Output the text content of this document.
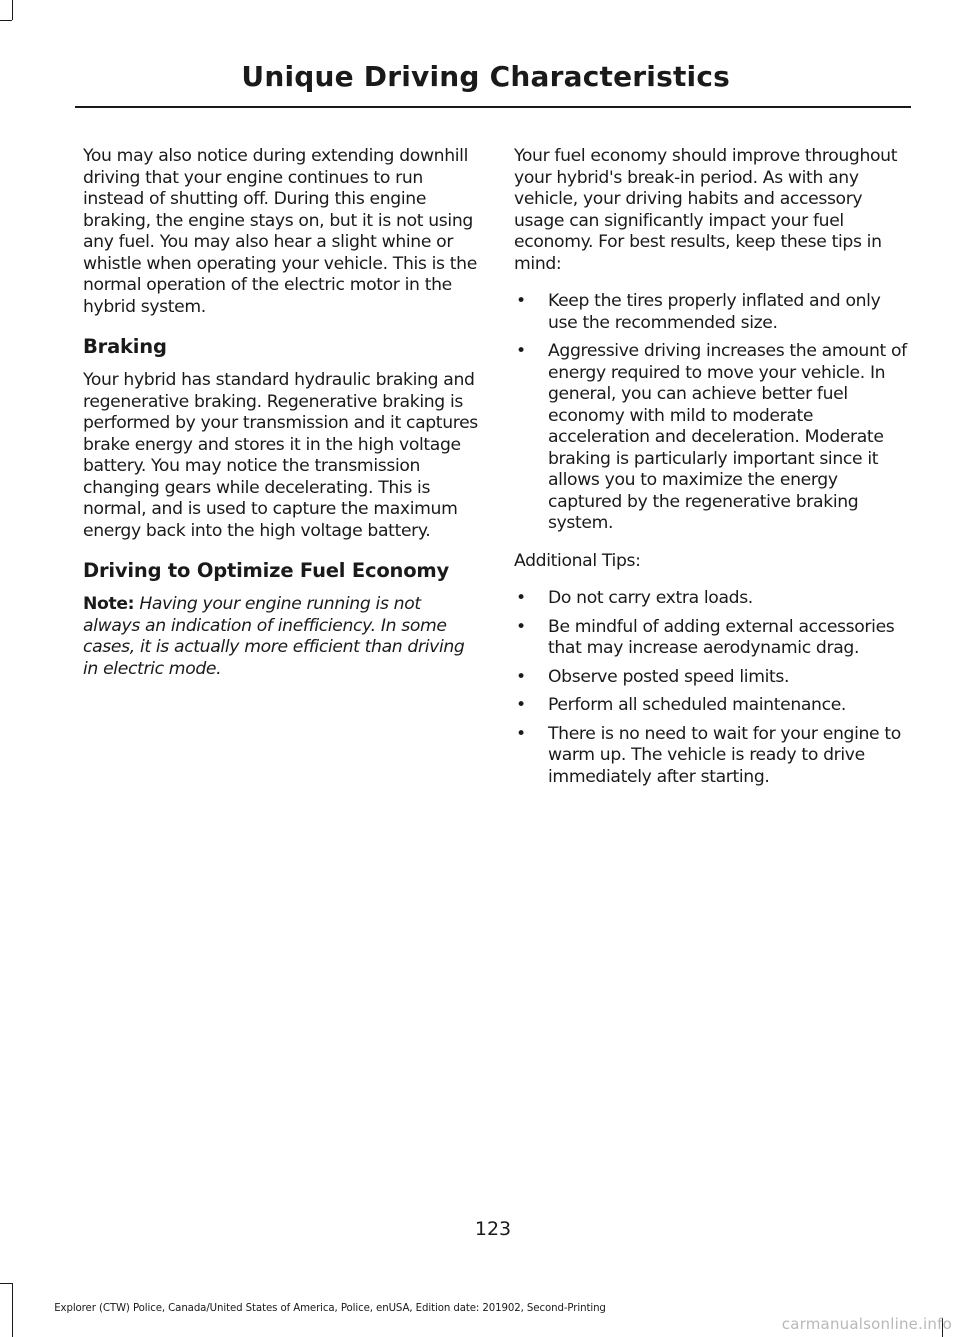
Unique Driving Characteristics

You may also notice during extending downhill driving that your engine continues to run instead of shutting off. During this engine braking, the engine stays on, but it is not using any fuel. You may also hear a slight whine or whistle when operating your vehicle. This is the normal operation of the electric motor in the hybrid system.

Braking

Your hybrid has standard hydraulic braking and regenerative braking. Regenerative braking is performed by your transmission and it captures brake energy and stores it in the high voltage battery. You may notice the transmission changing gears while decelerating. This is normal, and is used to capture the maximum energy back into the high voltage battery.

Driving to Optimize Fuel Economy

Note: Having your engine running is not always an indication of inefficiency. In some cases, it is actually more efficient than driving in electric mode.

Your fuel economy should improve throughout your hybrid's break-in period. As with any vehicle, your driving habits and accessory usage can significantly impact your fuel economy. For best results, keep these tips in mind:

• Keep the tires properly inflated and only use the recommended size.
• Aggressive driving increases the amount of energy required to move your vehicle. In general, you can achieve better fuel economy with mild to moderate acceleration and deceleration. Moderate braking is particularly important since it allows you to maximize the energy captured by the regenerative braking system.

Additional Tips:

• Do not carry extra loads.
• Be mindful of adding external accessories that may increase aerodynamic drag.
• Observe posted speed limits.
• Perform all scheduled maintenance.
• There is no need to wait for your engine to warm up. The vehicle is ready to drive immediately after starting.
123
Explorer (CTW) Police, Canada/United States of America, Police, enUSA, Edition date: 201902, Second-Printing
carmanualsonline.info
